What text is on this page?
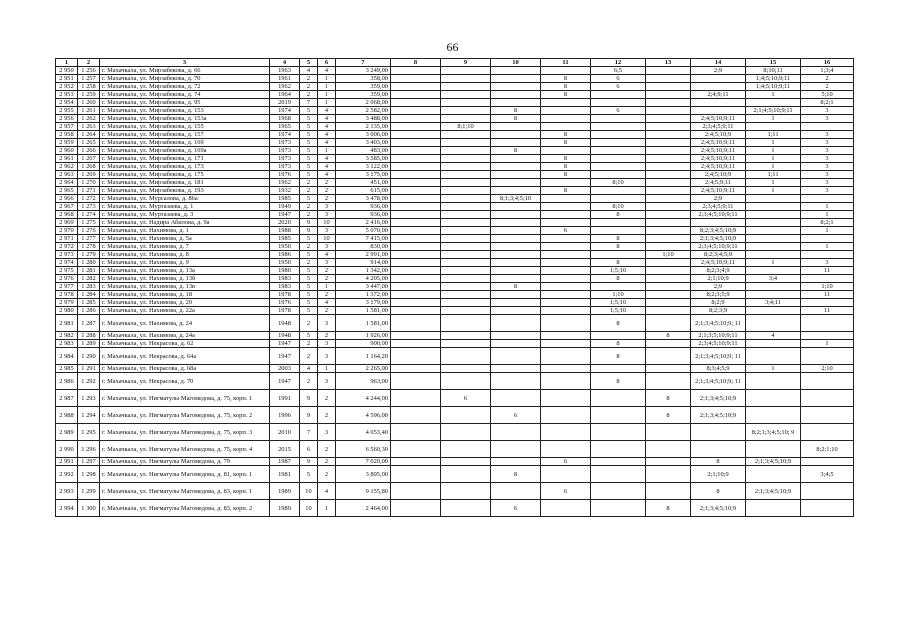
66
1	2	3	4	5	6	7	8	9	10	11	12	13	14	15	16
2 950	1 256	г. Махачкала, ул. Мирзабекова, д. 66	1963	4	4	3 249,00					6;5		2;9	8;10;11	1;3;4
2 951	1 257	г. Махачкала, ул. Мирзабекова, д. 70	1961	2	1	358,00				8	6			1;4;5;10;9;11	2
2 952	1 258	г. Махачкала, ул. Мирзабекова, д. 72	1962	2	1	359,00				8	6			1;4;5;10;9;11	2
2 953	1 259	г. Махачкала, ул. Мирзабекова, д. 74	1964	2	1	359,00				8			2;4;9;11	1	5;10
2 954	1 260	г. Махачкала, ул. Мирзабекова, д. 95	2019	7	1	2 068,00									8;2;1
2 955	1 261	г. Махачкала, ул. Мирзабекова, д. 153	1974	5	4	2 582,00			8		6			2;1;4;5;10;9;11	3
2 956	1 262	г. Махачкала, ул. Мирзабекова, д. 153а	1968	5	4	3 488,00			8				2;4;5;10;9;11	1	3
2 957	1 263	г. Махачкала, ул. Мирзабекова, д. 155	1965	5	4	2 135,00		8;1;10					2;3;4;5;9;11		
2 958	1 264	г. Махачкала, ул. Мирзабекова, д. 157	1974	5	4	3 006,00				8			2;4;5;10;9	1;11	3
2 959	1 265	г. Махачкала, ул. Мирзабекова, д. 169	1973	5	4	3 403,00				8			2;4;5;10;9;11	1	3
2 960	1 266	г. Махачкала, ул. Мирзабекова, д. 169а	1973	5	1	483,00			8				2;4;5;10;9;11	1	3
2 961	1 267	г. Махачкала, ул. Мирзабекова, д. 171	1973	5	4	3 585,00				8			2;4;5;10;9;11	1	3
2 962	1 268	г. Махачкала, ул. Мирзабекова, д. 173	1973	5	4	3 122,00				8			2;4;5;10;9;11	1	3
2 963	1 269	г. Махачкала, ул. Мирзабекова, д. 175	1976	5	4	3 175,00				8			2;4;5;10;9	1;11	3
2 964	1 270	г. Махачкала, ул. Мирзабекова, д. 181	1962	2	2	451,00					8;10		2;4;5;9;11	1	3
2 965	1 271	г. Махачкала, ул. Мирзабекова, д. 193	1932	2	2	615,00				8			2;4;5;10;9;11	1	3
2 966	1 272	г. Махачкала, ул. Мурсалова, д. 86а	1985	5	2	3 478,00			8;1;3;4;5;10				2;9		
2 967	1 273	г. Махачкала, ул. Муртазаева, д. 1	1949	2	3	936,00					8;10		2;3;4;5;9;11		1
2 968	1 274	г. Махачкала, ул. Муртазаева, д. 3	1947	2	3	936,00					8		2;3;4;5;10;9;11		1
2 969	1 275	г. Махачкала, ул. Надира Абилова, д. 9а	2020	9	10	2 416,00									8;2;1
2 970	1 276	г. Махачкала, ул. Нахимова, д. 1	1988	9	3	5 070,00				6			8;2;3;4;5;10;9		1
2 971	1 277	г. Махачкала, ул. Нахимова, д. 5а	1985	5	10	7 415,00					8		2;1;3;4;5;10;9		
2 972	1 278	г. Махачкала, ул. Нахимова, д. 7	1950	2	3	830,00					8		2;3;4;5;10;9;11		1
2 973	1 279	г. Махачкала, ул. Нахимова, д. 8	1986	5	4	2 991,00						1;10	8;2;3;4;5;9		
2 974	1 280	г. Махачкала, ул. Нахимова, д. 9	1950	2	3	914,00					8		2;4;5;10;9;11	1	3
2 975	1 281	г. Махачкала, ул. Нахимова, д. 13а	1980	5	2	1 342,00					1;5;10		8;2;3;4;9		11
2 976	1 282	г. Махачкала, ул. Нахимова, д. 13б	1983	5	2	4 205,00					8		2;1;10;9	3;4	
2 977	1 283	г. Махачкала, ул. Нахимова, д. 13в	1983	5	1	3 447,00			8				2;9		1;10
2 978	1 284	г. Махачкала, ул. Нахимова, д. 18	1978	5	2	1 372,00					1;10		8;2;3;5;9		11
2 979	1 285	г. Махачкала, ул. Нахимова, д. 20	1976	5	4	3 179,00					1;5;10		8;2;9	3;4;11	
2 980	1 286	г. Махачкала, ул. Нахимова, д. 22а	1978	5	2	1 581,00					1;5;10		8;2;3;9		11
2 981	1 287	г. Махачкала, ул. Нахимова, д. 24	1948	2	3	1 581,00					8		2;1;3;4;5;10;9; 11		
2 982	1 288	г. Махачкала, ул. Нахимова, д. 24а	1948	5	2	1 926,00						8	2;1;3;5;10;9;11	4	
2 983	1 289	г. Махачкала, ул. Некрасова, д. 62	1947	2	3	900,00					8		2;3;4;5;10;9;11		1
2 984	1 290	г. Махачкала, ул. Некрасова, д. 64а	1947	2	3	1 164,20					8		2;1;3;4;5;10;9; 11		
2 985	1 291	г. Махачкала, ул. Некрасова, д. 68а	2003	4	1	2 265,00							8;3;4;5;9	1	2;10
2 986	1 292	г. Махачкала, ул. Некрасова, д. 70	1947	2	3	963,00					8		2;1;3;4;5;10;9; 11		
2 987	1 293	г. Махачкала, ул. Нигматулы Магомедова, д. 75, корп. 1	1991	9	2	4 244,00		6				8	2;1;3;4;5;10;9		
2 988	1 294	г. Махачкала, ул. Нигматулы Магомедова, д. 75, корп. 2	1996	9	2	4 596,00			6			8	2;1;3;4;5;10;9		
2 989	1 295	г. Махачкала, ул. Нигматулы Магомедова, д. 75, корп. 3	2010	7	3	4 053,40								8;2;1;3;4;5;10; 9	
2 990	1 296	г. Махачкала, ул. Нигматулы Магомедова, д. 75, корп. 4	2015	6	2	6 560,30									8;2;1;10
2 991	1 297	г. Махачкала, ул. Нигматулы Магомедова, д. 79	1987	9	2	7 020,00				6			8	2;1;3;4;5;10;9	
2 992	1 298	г. Махачкала, ул. Нигматулы Магомедова, д. 81, корп. 1	1981	5	2	3 895,00			8				2;1;10;9		3;4;5
2 993	1 299	г. Махачкала, ул. Нигматулы Магомедова, д. 83, корп. 1	1989	10	4	9 155,80				6			8	2;1;3;4;5;10;9	
2 994	1 300	г. Махачкала, ул. Нигматулы Магомедова, д. 83, корп. 2	1989	10	1	2 464,00			6			8	2;1;3;4;5;10;9		
